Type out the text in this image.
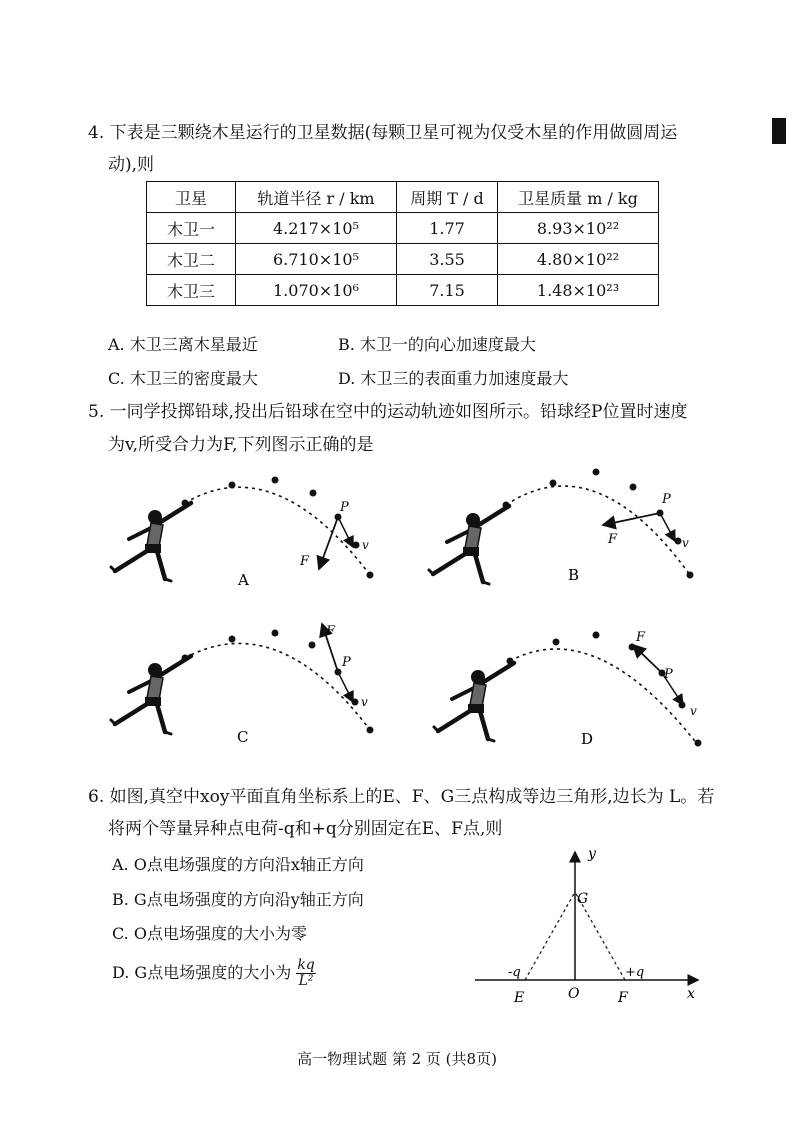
4. 下表是三颗绕木星运行的卫星数据(每颗卫星可视为仅受木星的作用做圆周运
动),则
卫星	轨道半径 r / km	周期 T / d	卫星质量 m / kg
木卫一	4.217×10⁵	1.77	8.93×10²²
木卫二	6.710×10⁵	3.55	4.80×10²²
木卫三	1.070×10⁶	7.15	1.48×10²³
A. 木卫三离木星最近	B. 木卫一的向心加速度最大
C. 木卫三的密度最大	D. 木卫三的表面重力加速度最大
5. 一同学投掷铅球,投出后铅球在空中的运动轨迹如图所示。铅球经P位置时速度
为v,所受合力为F,下列图示正确的是
P
v
F
A
P
v
F
B
P
v
F
C
P
v
F
D
6. 如图,真空中xoy平面直角坐标系上的E、F、G三点构成等边三角形,边长为 L。若
将两个等量异种点电荷-q和+q分别固定在E、F点,则
A. O点电场强度的方向沿x轴正方向
B. G点电场强度的方向沿y轴正方向
C. O点电场强度的大小为零
D. G点电场强度的大小为 $\frac{kq}{\text{L²}}$
y
x
G
O
E	F
-q	+q
高一物理试题 第 2 页 (共8页)
